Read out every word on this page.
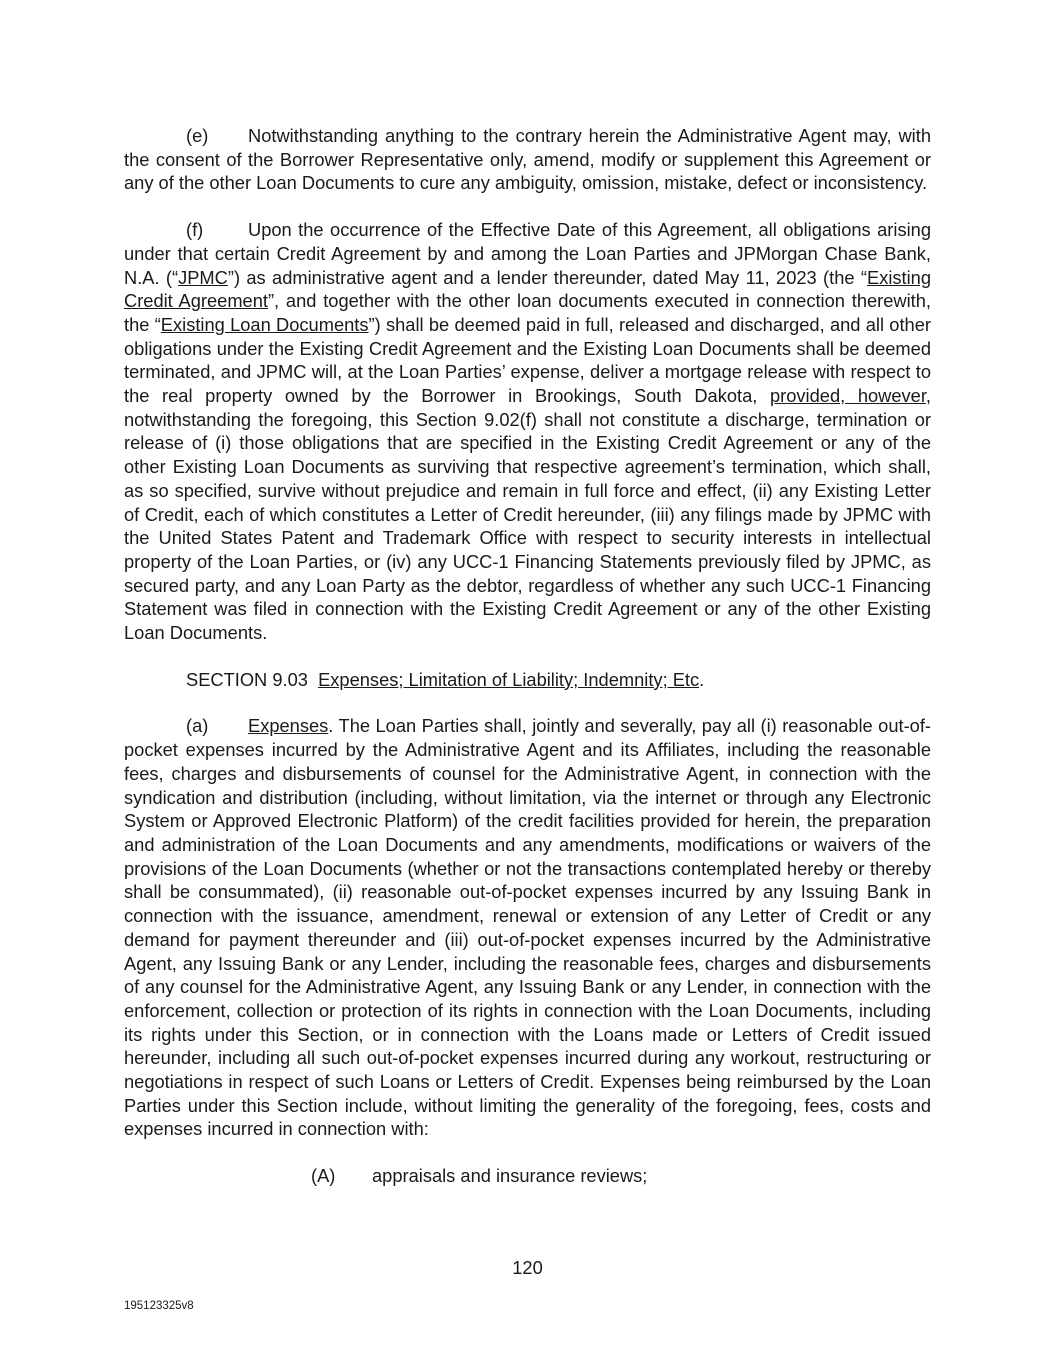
(e) Notwithstanding anything to the contrary herein the Administrative Agent may, with the consent of the Borrower Representative only, amend, modify or supplement this Agreement or any of the other Loan Documents to cure any ambiguity, omission, mistake, defect or inconsistency.

(f) Upon the occurrence of the Effective Date of this Agreement, all obligations arising under that certain Credit Agreement by and among the Loan Parties and JPMorgan Chase Bank, N.A. (“JPMC”) as administrative agent and a lender thereunder, dated May 11, 2023 (the “Existing Credit Agreement”, and together with the other loan documents executed in connection therewith, the “Existing Loan Documents”) shall be deemed paid in full, released and discharged, and all other obligations under the Existing Credit Agreement and the Existing Loan Documents shall be deemed terminated, and JPMC will, at the Loan Parties’ expense, deliver a mortgage release with respect to the real property owned by the Borrower in Brookings, South Dakota, provided, however, notwithstanding the foregoing, this Section 9.02(f) shall not constitute a discharge, termination or release of (i) those obligations that are specified in the Existing Credit Agreement or any of the other Existing Loan Documents as surviving that respective agreement’s termination, which shall, as so specified, survive without prejudice and remain in full force and effect, (ii) any Existing Letter of Credit, each of which constitutes a Letter of Credit hereunder, (iii) any filings made by JPMC with the United States Patent and Trademark Office with respect to security interests in intellectual property of the Loan Parties, or (iv) any UCC-1 Financing Statements previously filed by JPMC, as secured party, and any Loan Party as the debtor, regardless of whether any such UCC-1 Financing Statement was filed in connection with the Existing Credit Agreement or any of the other Existing Loan Documents.

SECTION 9.03 Expenses; Limitation of Liability; Indemnity; Etc.

(a) Expenses. The Loan Parties shall, jointly and severally, pay all (i) reasonable out-of-pocket expenses incurred by the Administrative Agent and its Affiliates, including the reasonable fees, charges and disbursements of counsel for the Administrative Agent, in connection with the syndication and distribution (including, without limitation, via the internet or through any Electronic System or Approved Electronic Platform) of the credit facilities provided for herein, the preparation and administration of the Loan Documents and any amendments, modifications or waivers of the provisions of the Loan Documents (whether or not the transactions contemplated hereby or thereby shall be consummated), (ii) reasonable out-of-pocket expenses incurred by any Issuing Bank in connection with the issuance, amendment, renewal or extension of any Letter of Credit or any demand for payment thereunder and (iii) out-of-pocket expenses incurred by the Administrative Agent, any Issuing Bank or any Lender, including the reasonable fees, charges and disbursements of any counsel for the Administrative Agent, any Issuing Bank or any Lender, in connection with the enforcement, collection or protection of its rights in connection with the Loan Documents, including its rights under this Section, or in connection with the Loans made or Letters of Credit issued hereunder, including all such out-of-pocket expenses incurred during any workout, restructuring or negotiations in respect of such Loans or Letters of Credit. Expenses being reimbursed by the Loan Parties under this Section include, without limiting the generality of the foregoing, fees, costs and expenses incurred in connection with:

(A) appraisals and insurance reviews;

120
195123325v8
